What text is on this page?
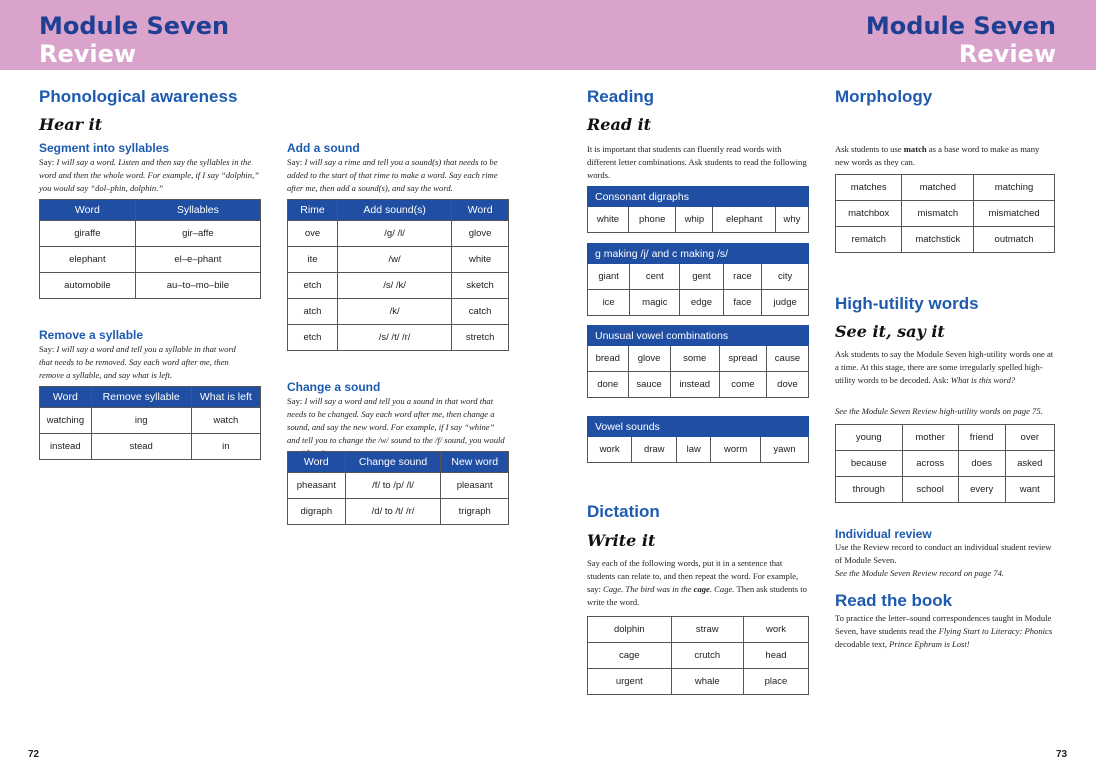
Module Seven
Review
Module Seven
Review
Phonological awareness
Hear it
Segment into syllables
Say: I will say a word. Listen and then say the syllables in the word and then the whole word. For example, if I say “dolphin,” you would say “dol–phin, dolphin.”
Word	Syllables
giraffe	gir–affe
elephant	el–e–phant
automobile	au–to–mo–bile
Remove a syllable
Say: I will say a word and tell you a syllable in that word that needs to be removed. Say each word after me, then remove a syllable, and say what is left.
Word	Remove syllable	What is left
watching	ing	watch
instead	stead	in
Add a sound
Say: I will say a rime and tell you a sound(s) that needs to be added to the start of that rime to make a word. Say each rime after me, then add a sound(s), and say the word.
Rime	Add sound(s)	Word
ove	/g/ /l/	glove
ite	/w/	white
etch	/s/ /k/	sketch
atch	/k/	catch
etch	/s/ /t/ /r/	stretch
Change a sound
Say: I will say a word and tell you a sound in that word that needs to be changed. Say each word after me, then change a sound, and say the new word. For example, if I say “whine” and tell you to change the /w/ sound to the /f/ sound, you would
Word	Change sound	New word
pheasant	/f/ to /p/ /l/	pleasant
digraph	/d/ to /t/ /r/	trigraph
72
Reading
Read it
It is important that students can fluently read words with different letter combinations. Ask students to read the following words.
Consonant digraphs
white	phone	whip	elephant	why
g making /j/ and c making /s/				
giant	cent	gent	race	city
ice	magic	edge	face	judge
Unusual vowel combinations				
bread	glove	some	spread	cause
done	sauce	instead	come	dove
Vowel sounds
work	draw	law	worm	yawn
Dictation
Write it
Say each of the following words, put it in a sentence that students can relate to, and then repeat the word. For example, say: Cage. The bird was in the cage. Cage. Then ask students to write the word.
dolphin	straw	work
cage	crutch	head
urgent	whale	place
Morphology
Ask students to use match as a base word to make as many new words as they can.
matches	matched	matching
matchbox	mismatch	mismatched
rematch	matchstick	outmatch
High-utility words
See it, say it
Ask students to say the Module Seven high-utility words one at a time. At this stage, there are some irregularly spelled high-utility words to be decoded. Ask: What is this word?
See the Module Seven Review high-utility words on page 75.
young	mother	friend	over
because	across	does	asked
through	school	every	want
Individual review
Use the Review record to conduct an individual student review of Module Seven.
See the Module Seven Review record on page 74.
Read the book
To practice the letter–sound correspondences taught in Module Seven, have students read the Flying Start to Literacy: Phonics decodable text, Prince Ephram is Lost!
73
